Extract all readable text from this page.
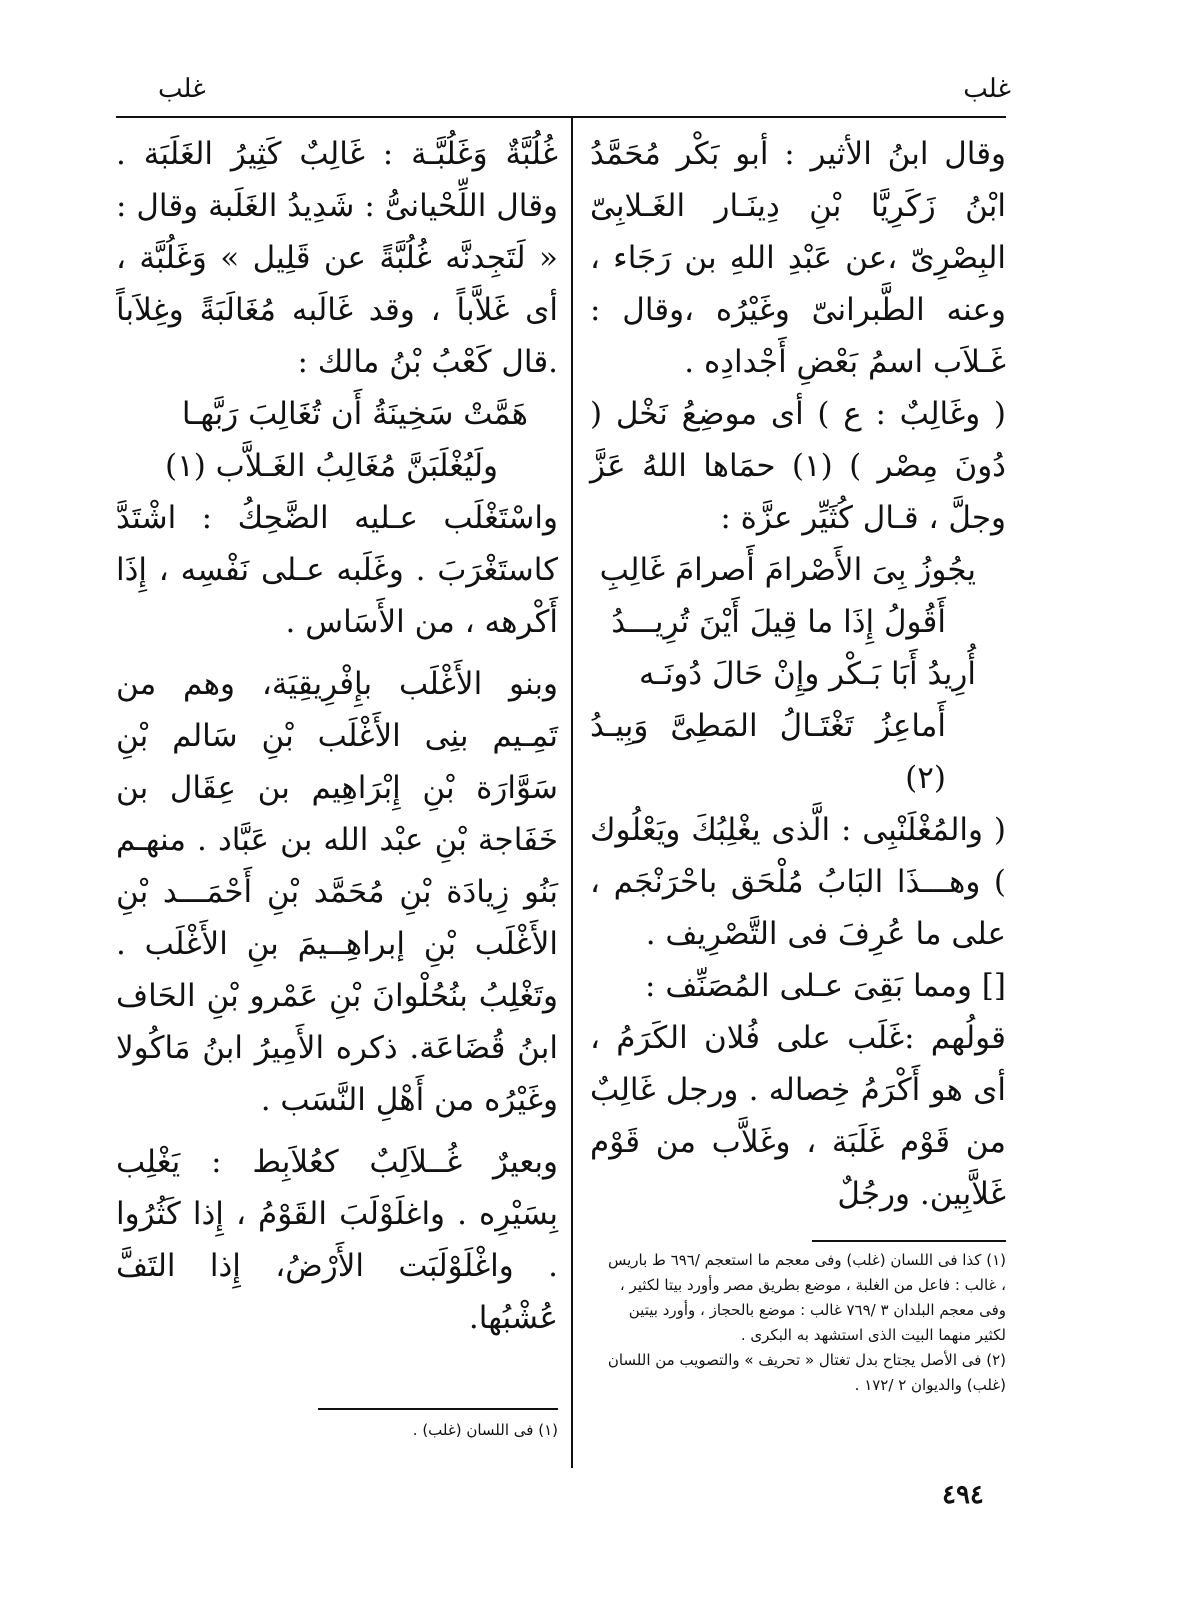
غلب
غلب

وقال ابنُ الأثير : أبو بَكْر مُحَمَّدُ ابْنُ زَكَرِيَّا بْنِ دِينَـار الغَـلابِىّ البِصْرِىّ ،عن عَبْدِ اللهِ بن رَجَاء ، وعنه الطَّبرانىّ وغَيْرُه ،وقال : غَـلاَب اسمُ بَعْضِ أَجْدادِه .

( وغَالِبٌ : ع ) أى موضِعُ نَخْل ( دُونَ مِصْر ) (١) حمَاها اللهُ عَزَّ وجلَّ ، قـال كُثَيِّر عزَّة :

يجُوزُ بِىَ الأَصْرامَ أَصرامَ غَالِبِ

أَقُولُ إِذَا ما قِيلَ أَيْنَ تُرِيـــدُ

أُرِيدُ أَبَا بَـكْر وإِنْ حَالَ دُونَـه

أَماعِزُ تَغْتَـالُ المَطِىَّ وَبِيـدُ (٢)

( والمُغْلَنْبِى : الَّذى يغْلِبُكَ ويَعْلُوك ) وهـــذَا البَابُ مُلْحَق باحْرَنْجَم ، على ما عُرِفَ فى التَّصْرِيف .

[] ومما بَقِىَ عـلى المُصَنِّف :

قولُهم :غَلَب على فُلان الكَرَمُ ، أى هو أَكْرَمُ خِصاله . ورجل غَالِبٌ من قَوْم غَلَبَة ، وغَلاَّب من قَوْم غَلاَّبِين. ورجُلٌ

غُلُبَّةٌ وَغَلُبَّـة : غَالِبٌ كَثِيرُ الغَلَبَة . وقال اللِّحْيانىُّ : شَدِيدُ الغَلَبة وقال : « لَتَجِدنَّه غُلُبَّةً عن قَلِيل » وَغَلُبَّة ، أى غَلاَّباً ، وقد غَالَبه مُغَالَبَةً وغِلاَباً .قال كَعْبُ بْنُ مالك :

هَمَّتْ سَخِينَةُ أَن تُغَالِبَ رَبَّهـا

ولَيُغْلَبَنَّ مُغَالِبُ الغَـلاَّب (١)

واسْتَغْلَب عـليه الضَّحِكُ : اشْتَدَّ كاستَغْرَبَ . وغَلَبه عـلى نَفْسِه ، إِذَا أَكْرهه ، من الأَسَاس .

وبنو الأَغْلَب بإِفْرِيقِيَة، وهم من تَمِـيم بنِى الأَغْلَب بْنِ سَالم بْنِ سَوَّارَة بْنِ إِبْرَاهِيم بن عِقَال بن خَفَاجة بْنِ عبْد الله بن عَبَّاد . منهـم بَنُو زِيادَة بْنِ مُحَمَّد بْنِ أَحْمَـــد بْنِ الأَغْلَب بْنِ إبراهِــيمَ بنِ الأَغْلَب . وتَغْلِبُ بنُحُلْوانَ بْنِ عَمْرو بْنِ الحَاف ابنُ قُضَاعَة. ذكره الأَمِيرُ ابنُ مَاكُولا وغَيْرُه من أَهْلِ النَّسَب .

وبعيرٌ غُــلاَلِبٌ كعُلاَبِط : يَغْلِب بِسَيْرِه . واغلَوْلَبَ القَوْمُ ، إِذا كَثُرُوا . واغْلَوْلَبَت الأَرْضُ، إِذا التَفَّ عُشْبُها.

(١) كذا فى اللسان (غلب) وفى معجم ما استعجم /٦٩٦ ط باريس ، غالب : فاعل من الغلبة ، موضع بطريق مصر وأورد بيتا لكثير ، وفى معجم البلدان ٣ /٧٦٩ غالب : موضع بالحجاز ، وأورد بيتين لكثير منهما البيت الذى استشهد به البكرى .

(٢) فى الأصل يجتاح بدل تغتال « تحريف » والتصويب من اللسان (غلب) والديوان ٢ /١٧٢ .

(١) فى اللسان (غلب) .

٤٩٤
